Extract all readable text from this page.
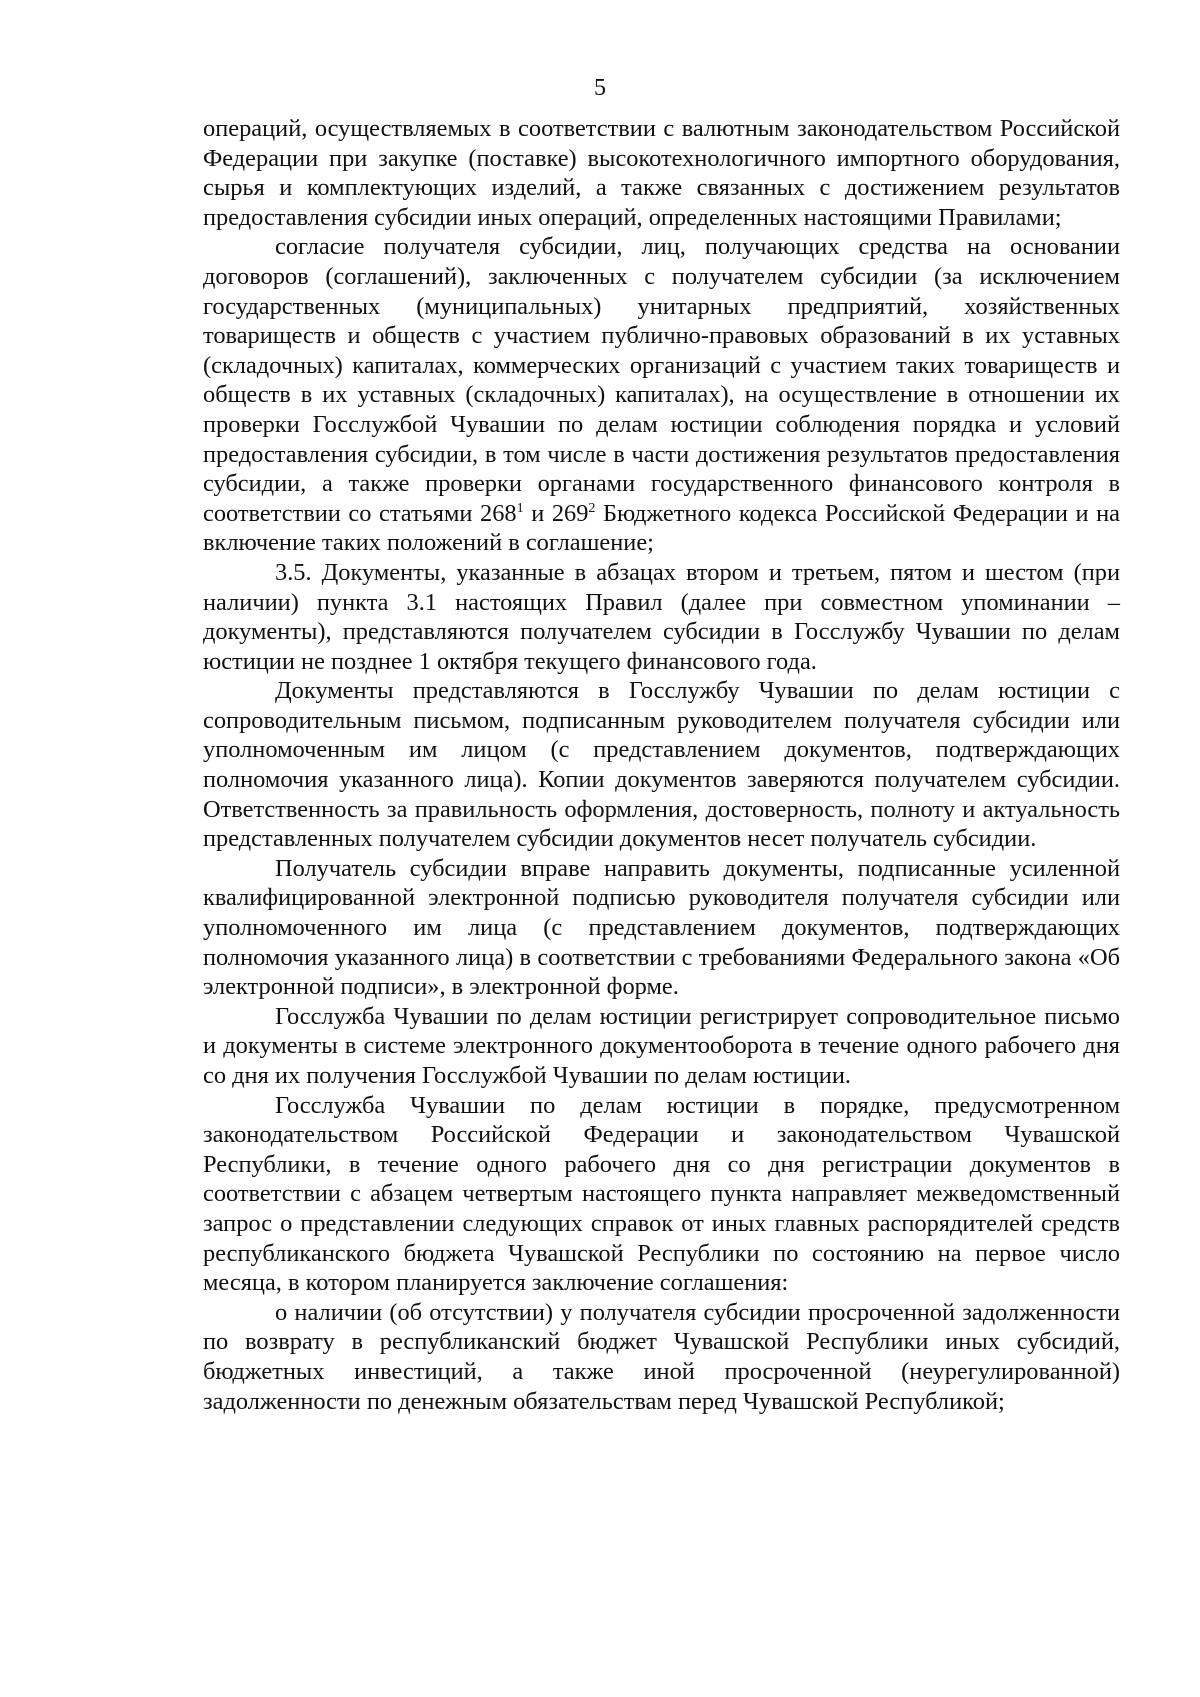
5

операций, осуществляемых в соответствии с валютным законодательством Российской Федерации при закупке (поставке) высокотехнологичного импортного оборудования, сырья и комплектующих изделий, а также связанных с достижением результатов предоставления субсидии иных операций, определенных настоящими Правилами;

согласие получателя субсидии, лиц, получающих средства на основании договоров (соглашений), заключенных с получателем субсидии (за исключением государственных (муниципальных) унитарных предприятий, хозяйственных товариществ и обществ с участием публично-правовых образований в их уставных (складочных) капиталах, коммерческих организаций с участием таких товариществ и обществ в их уставных (складочных) капиталах), на осуществление в отношении их проверки Госслужбой Чувашии по делам юстиции соблюдения порядка и условий предоставления субсидии, в том числе в части достижения результатов предоставления субсидии, а также проверки органами государственного финансового контроля в соответствии со статьями $268^1$ и $269^2$ Бюджетного кодекса Российской Федерации и на включение таких положений в соглашение;

3.5. Документы, указанные в абзацах втором и третьем, пятом и шестом (при наличии) пункта 3.1 настоящих Правил (далее при совместном упоминании – документы), представляются получателем субсидии в Госслужбу Чувашии по делам юстиции не позднее 1 октября текущего финансового года.

Документы представляются в Госслужбу Чувашии по делам юстиции с сопроводительным письмом, подписанным руководителем получателя субсидии или уполномоченным им лицом (с представлением документов, подтверждающих полномочия указанного лица). Копии документов заверяются получателем субсидии. Ответственность за правильность оформления, достоверность, полноту и актуальность представленных получателем субсидии документов несет получатель субсидии.

Получатель субсидии вправе направить документы, подписанные усиленной квалифицированной электронной подписью руководителя получателя субсидии или уполномоченного им лица (с представлением документов, подтверждающих полномочия указанного лица) в соответствии с требованиями Федерального закона «Об электронной подписи», в электронной форме.

Госслужба Чувашии по делам юстиции регистрирует сопроводительное письмо и документы в системе электронного документооборота в течение одного рабочего дня со дня их получения Госслужбой Чувашии по делам юстиции.

Госслужба Чувашии по делам юстиции в порядке, предусмотренном законодательством Российской Федерации и законодательством Чувашской Республики, в течение одного рабочего дня со дня регистрации документов в соответствии с абзацем четвертым настоящего пункта направляет межведомственный запрос о представлении следующих справок от иных главных распорядителей средств республиканского бюджета Чувашской Республики по состоянию на первое число месяца, в котором планируется заключение соглашения:

о наличии (об отсутствии) у получателя субсидии просроченной задолженности по возврату в республиканский бюджет Чувашской Республики иных субсидий, бюджетных инвестиций, а также иной просроченной (неурегулированной) задолженности по денежным обязательствам перед Чувашской Республикой;
